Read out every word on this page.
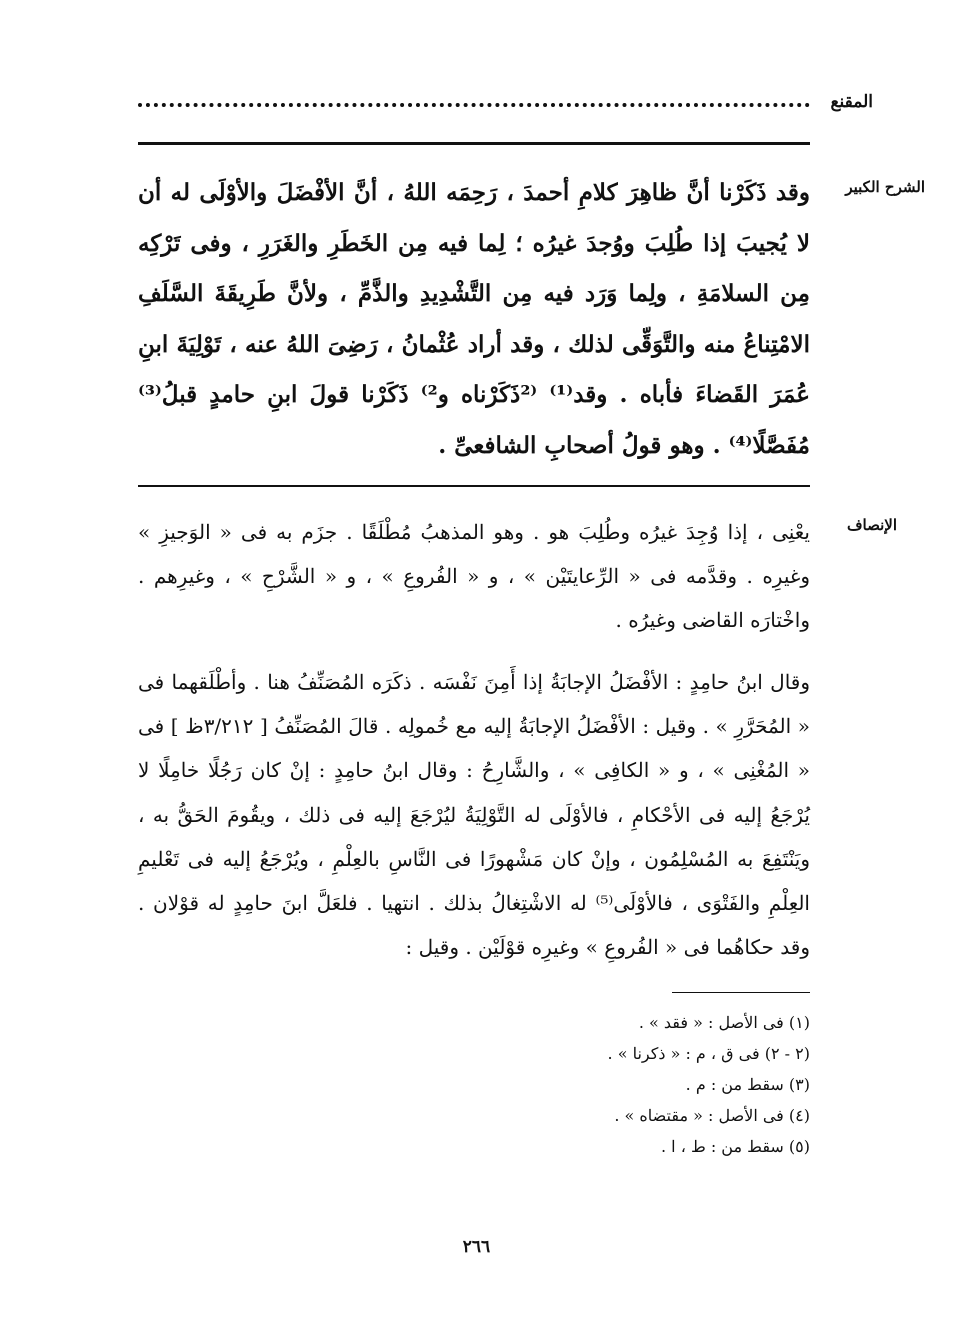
المقنع
الشرح الكبير

وقد ذَكَرْنا أنَّ ظاهِرَ كلامِ أحمدَ ، رَحِمَه اللهُ ، أنَّ الأفْضَلَ والأوْلَى له أن لا يُجيبَ إذا طُلِبَ ووُجدَ غيرُه ؛ لِما فيه مِن الخَطَرِ والغَرَرِ ، وفى تَرْكِه مِن السلامَةِ ، ولِما وَرَد فيه مِن التَّشْدِيدِ والذَّمِّ ، ولأنَّ طَرِيقَةَ السَّلَفِ الامْتِناعُ منه والتَّوَقِّى لذلك ، وقد أراد عُثْمانُ ، رَضِىَ اللهُ عنه ، تَوْلِيَةَ ابنِ عُمَرَ القَضاءَ فأباه . وقد⁽¹⁾ ⁽²ذَكَرْناه و²⁾ ذَكَرْنا قولَ ابنِ حامدٍ قبلُ⁽³⁾ مُفَصَّلًا⁽⁴⁾ . وهو قولُ أصحابِ الشافعىِّ .

الإنصاف

يعْنِى ، إذا وُجِدَ غيرُه وطُلِبَ هو . وهو المذهبُ مُطْلَقًا . جزَم به فى « الوَجيزِ » وغيرِه . وقدَّمه فى « الرِّعايتَيْن » ، و « الفُروعِ » ، و « الشَّرْحِ » ، وغيرِهم . واخْتارَه القاضى وغيرُه .

وقال ابنُ حامِدٍ : الأفْضَلُ الإجابَةُ إذا أَمِنَ نَفْسَه . ذكَرَه المُصَنِّفُ هنا . وأطْلَقهما فى « المُحَرَّرِ » . وقيل : الأفْضَلُ الإجابَةُ إليه مع خُمولِه . قالَ المُصَنِّفُ [ ٣/٢١٢ظ ] فى « المُغْنِى » ، و « الكافِى » ، والشَّارِحُ : وقال ابنُ حامِدٍ : إنْ كان رَجُلًا خامِلًا لا يُرْجَعُ إليه فى الأحْكامِ ، فالأوْلَى له التَّوْلِيَةُ ليُرْجَعَ إليه فى ذلك ، ويقُومَ الحَقُّ به ، ويَنْتَفِعَ به المُسْلِمُون ، وإنْ كان مَشْهورًا فى النَّاسِ بالعِلْمِ ، ويُرْجَعُ إليه فى تَعْليمِ العِلْمِ والفَتْوَى ، فالأوْلَى⁽⁵⁾ له الاشْتِغالُ بذلك . انتهيا . فلعَلَّ ابنَ حامِدٍ له قوْلان . وقد حكاهُما فى « الفُروعِ » وغيرِه قوْلَيْن . وقيل :

(١) فى الأصل : « فقد » .
(٢ - ٢) فى ق ، م : « ذكرنا » .
(٣) سقط من : م .
(٤) فى الأصل : « مقتضاه » .
(٥) سقط من : ط ، ا .
٢٦٦
